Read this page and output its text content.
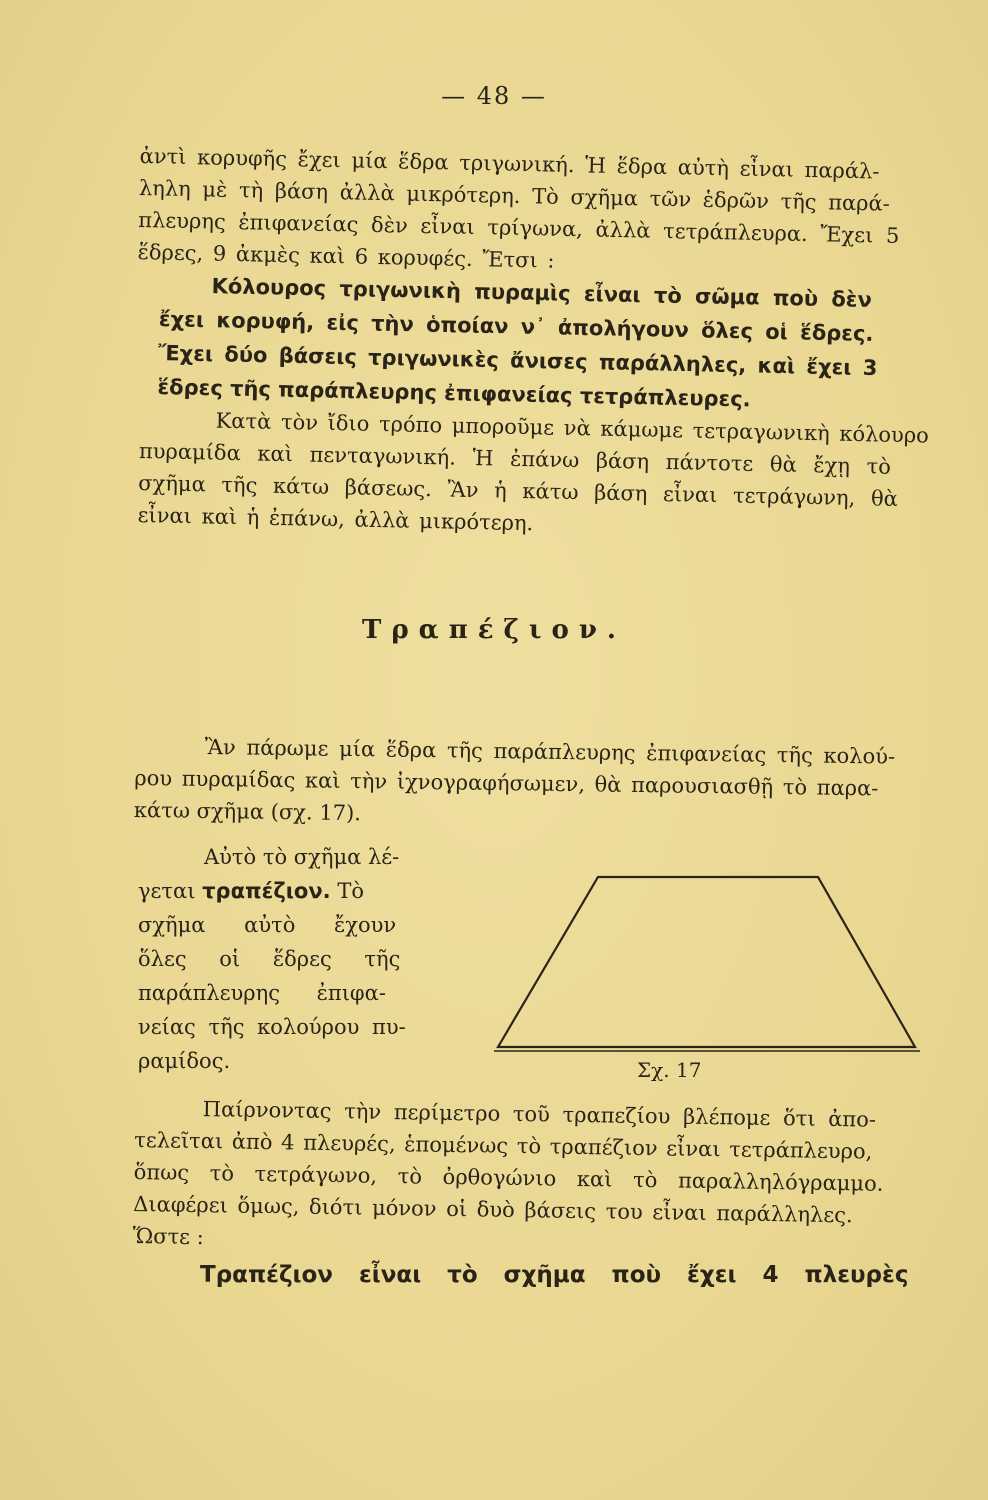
— 48 —
ἀντὶ κορυφῆς ἔχει μία ἕδρα τριγωνική. Ἡ ἕδρα αὐτὴ εἶναι παράλ-
ληλη μὲ τὴ βάση ἀλλὰ μικρότερη. Τὸ σχῆμα τῶν ἑδρῶν τῆς παρά-
πλευρης ἐπιφανείας δὲν εἶναι τρίγωνα, ἀλλὰ τετράπλευρα. Ἔχει 5
ἕδρες, 9 ἀκμὲς καὶ 6 κορυφές. Ἔτσι :
Κόλουρος τριγωνικὴ πυραμὶς εἶναι τὸ σῶμα ποὺ δὲν
ἔχει κορυφή, εἰς τὴν ὁποίαν ν᾽ ἀπολήγουν ὅλες οἱ ἕδρες.
Ἔχει δύο βάσεις τριγωνικὲς ἄνισες παράλληλες, καὶ ἔχει 3
ἕδρες τῆς παράπλευρης ἐπιφανείας τετράπλευρες.
Κατὰ τὸν ἴδιο τρόπο μποροῦμε νὰ κάμωμε τετραγωνικὴ κόλουρο
πυραμίδα καὶ πενταγωνική. Ἡ ἐπάνω βάση πάντοτε θὰ ἔχῃ τὸ
σχῆμα τῆς κάτω βάσεως. Ἂν ἡ κάτω βάση εἶναι τετράγωνη, θὰ
εἶναι καὶ ἡ ἐπάνω, ἀλλὰ μικρότερη.
Τραπέζιον.
Ἂν πάρωμε μία ἕδρα τῆς παράπλευρης ἐπιφανείας τῆς κολού-
ρου πυραμίδας καὶ τὴν ἰχνογραφήσωμεν, θὰ παρουσιασθῇ τὸ παρα-
κάτω σχῆμα (σχ. 17).
Αὐτὸ τὸ σχῆμα λέ-
γεται τραπέζιον. Τὸ
σχῆμα αὐτὸ ἔχουν
ὅλες οἱ ἕδρες τῆς
παράπλευρης ἐπιφα-
νείας τῆς κολούρου πυ-
ραμίδος.	Σχ. 17
Παίρνοντας τὴν περίμετρο τοῦ τραπεζίου βλέπομε ὅτι ἀπο-
τελεῖται ἀπὸ 4 πλευρές, ἑπομένως τὸ τραπέζιον εἶναι τετράπλευρο,
ὅπως τὸ τετράγωνο, τὸ ὀρθογώνιο καὶ τὸ παραλληλόγραμμο.
Διαφέρει ὅμως, διότι μόνον οἱ δυὸ βάσεις του εἶναι παράλληλες.
Ὥστε :
Τραπέζιον εἶναι τὸ σχῆμα ποὺ ἔχει 4 πλευρὲς
